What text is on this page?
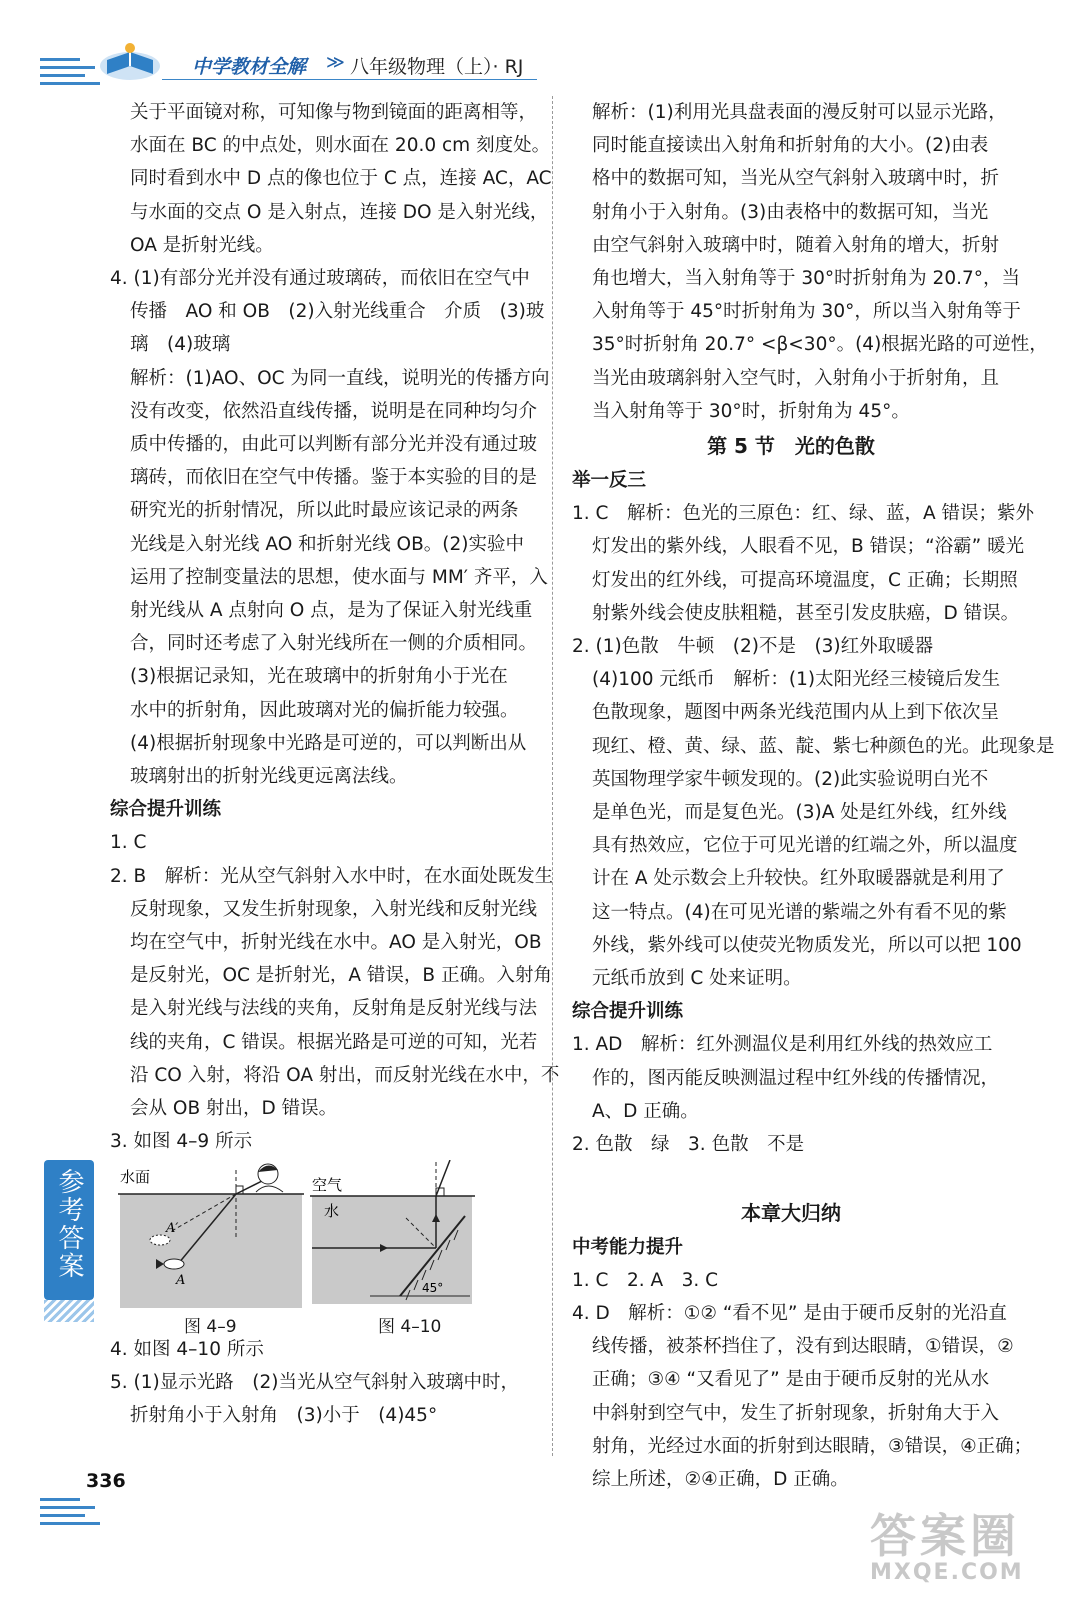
中学教材全解 ≫ 八年级物理（上）· RJ

关于平面镜对称，可知像与物到镜面的距离相等，

水面在 BC 的中点处，则水面在 20.0 cm 刻度处。

同时看到水中 D 点的像也位于 C 点，连接 AC，AC

与水面的交点 O 是入射点，连接 DO 是入射光线，

OA 是折射光线。

4. (1)有部分光并没有通过玻璃砖，而依旧在空气中

传播　AO 和 OB　(2)入射光线重合　介质　(3)玻

璃　(4)玻璃

解析：(1)AO、OC 为同一直线，说明光的传播方向

没有改变，依然沿直线传播，说明是在同种均匀介

质中传播的，由此可以判断有部分光并没有通过玻

璃砖，而依旧在空气中传播。鉴于本实验的目的是

研究光的折射情况，所以此时最应该记录的两条

光线是入射光线 AO 和折射光线 OB。(2)实验中

运用了控制变量法的思想，使水面与 MM′ 齐平，入

射光线从 A 点射向 O 点，是为了保证入射光线重

合，同时还考虑了入射光线所在一侧的介质相同。

(3)根据记录知，光在玻璃中的折射角小于光在

水中的折射角，因此玻璃对光的偏折能力较强。

(4)根据折射现象中光路是可逆的，可以判断出从

玻璃射出的折射光线更远离法线。

综合提升训练

1. C

2. B　解析：光从空气斜射入水中时，在水面处既发生

反射现象，又发生折射现象，入射光线和反射光线

均在空气中，折射光线在水中。AO 是入射光，OB

是反射光，OC 是折射光，A 错误，B 正确。入射角

是入射光线与法线的夹角，反射角是反射光线与法

线的夹角，C 错误。根据光路是可逆的可知，光若

沿 CO 入射，将沿 OA 射出，而反射光线在水中，不

会从 OB 射出，D 错误。

3. 如图 4–9 所示

4. 如图 4–10 所示

5. (1)显示光路　(2)当光从空气斜射入玻璃中时，

折射角小于入射角　(3)小于　(4)45°

解析：(1)利用光具盘表面的漫反射可以显示光路，

同时能直接读出入射角和折射角的大小。(2)由表

格中的数据可知，当光从空气斜射入玻璃中时，折

射角小于入射角。(3)由表格中的数据可知，当光

由空气斜射入玻璃中时，随着入射角的增大，折射

角也增大，当入射角等于 30°时折射角为 20.7°，当

入射角等于 45°时折射角为 30°，所以当入射角等于

35°时折射角 20.7° <β<30°。(4)根据光路的可逆性，

当光由玻璃斜射入空气时，入射角小于折射角，且

当入射角等于 30°时，折射角为 45°。

第 5 节　光的色散

举一反三

1. C　解析：色光的三原色：红、绿、蓝，A 错误；紫外

灯发出的紫外线，人眼看不见，B 错误；“浴霸” 暖光

灯发出的红外线，可提高环境温度，C 正确；长期照

射紫外线会使皮肤粗糙，甚至引发皮肤癌，D 错误。

2. (1)色散　牛顿　(2)不是　(3)红外取暖器

(4)100 元纸币　解析：(1)太阳光经三棱镜后发生

色散现象，题图中两条光线范围内从上到下依次呈

现红、橙、黄、绿、蓝、靛、紫七种颜色的光。此现象是

英国物理学家牛顿发现的。(2)此实验说明白光不

是单色光，而是复色光。(3)A 处是红外线，红外线

具有热效应，它位于可见光谱的红端之外，所以温度

计在 A 处示数会上升较快。红外取暖器就是利用了

这一特点。(4)在可见光谱的紫端之外有看不见的紫

外线，紫外线可以使荧光物质发光，所以可以把 100

元纸币放到 C 处来证明。

综合提升训练

1. AD　解析：红外测温仪是利用红外线的热效应工

作的，图丙能反映测温过程中红外线的传播情况，

A、D 正确。

2. 色散　绿　3. 色散　不是

本章大归纳

中考能力提升

1. C　2. A　3. C

4. D　解析：①② “看不见” 是由于硬币反射的光沿直

线传播，被茶杯挡住了，没有到达眼睛，①错误，②

正确；③④ “又看见了” 是由于硬币反射的光从水

中斜射到空气中，发生了折射现象，折射角大于入

射角，光经过水面的折射到达眼睛，③错误，④正确；

综上所述，②④正确，D 正确。

水面
A′
A
图 4–9
空气
水
45°
图 4–10
参考答案
336
答案圈
MXQE.COM
